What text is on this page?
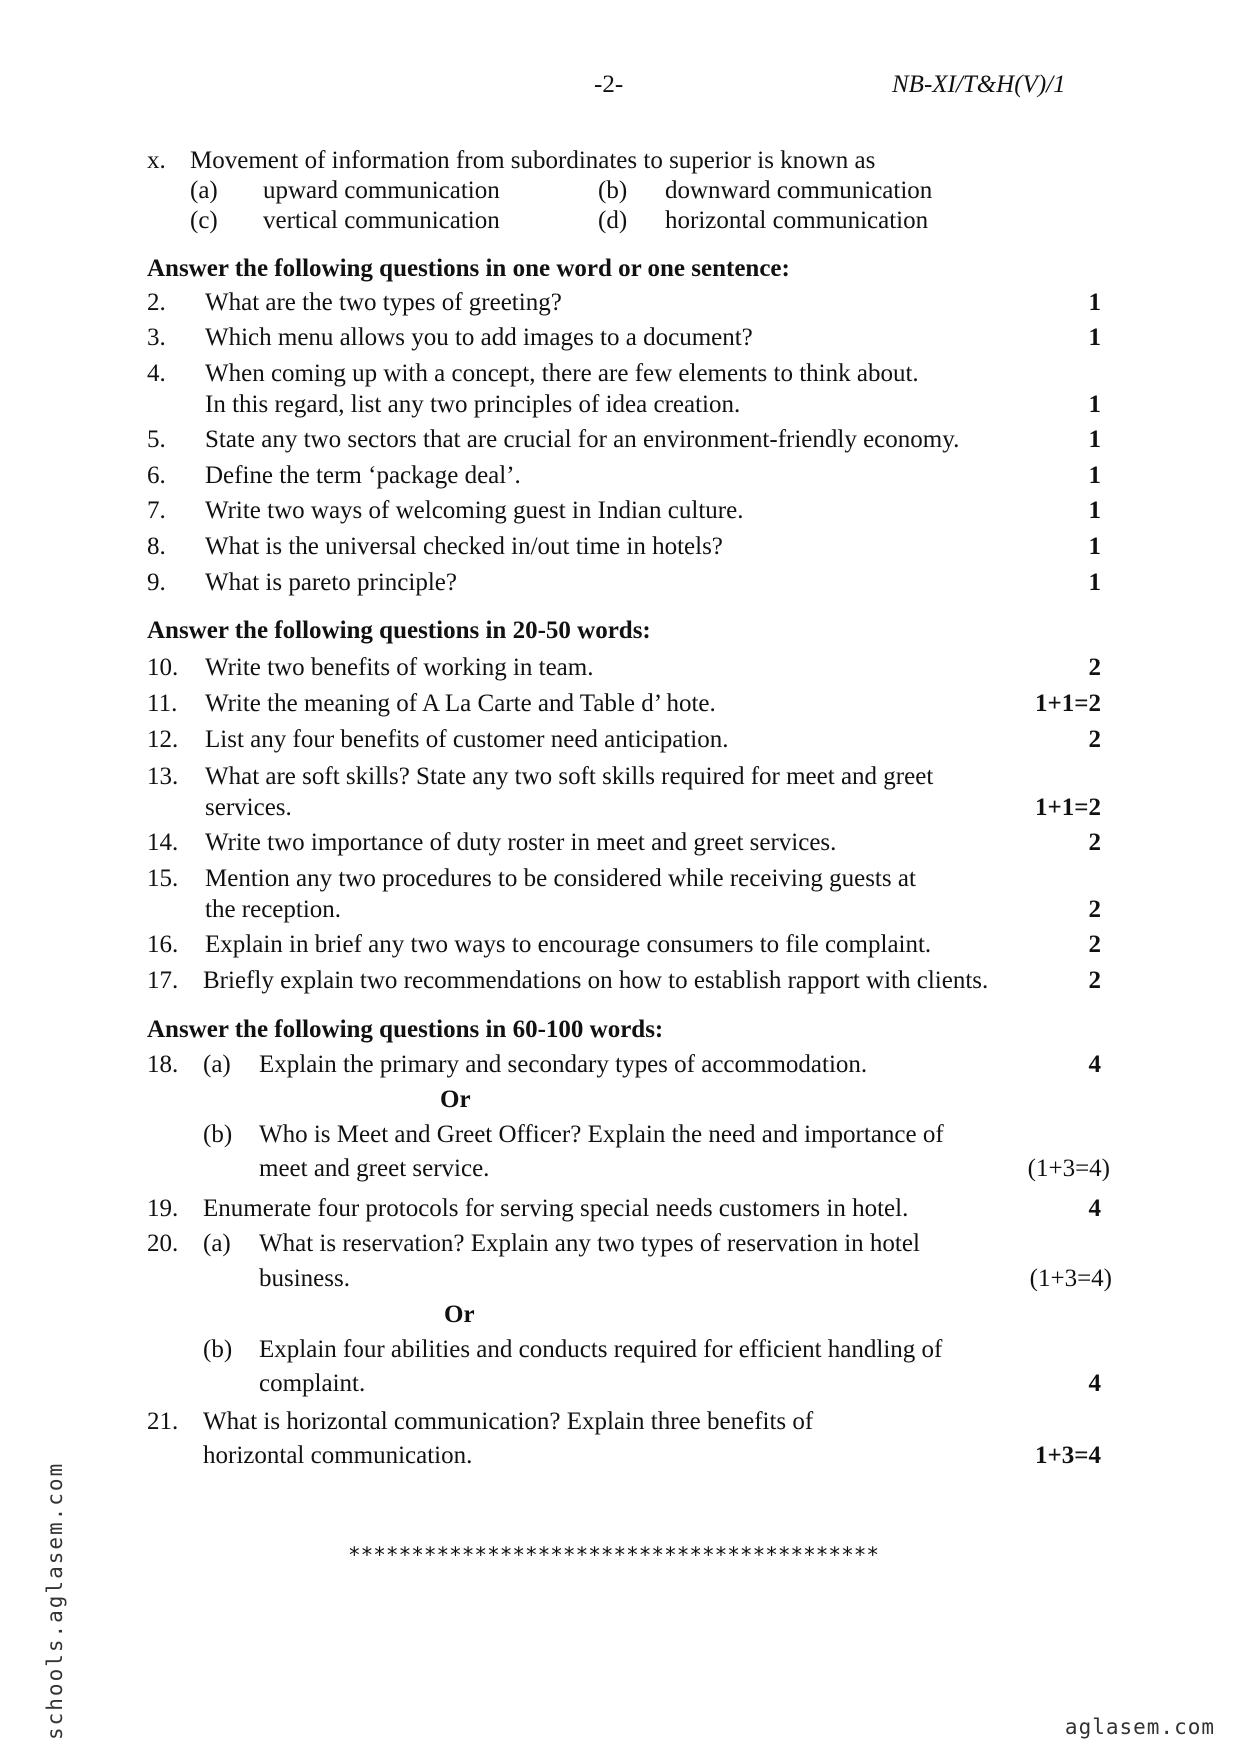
-2-	NB-XI/T&H(V)/1
x. Movement of information from subordinates to superior is known as
(a) upward communication	(b) downward communication
(c) vertical communication	(d) horizontal communication
Answer the following questions in one word or one sentence:
2. What are the two types of greeting?	1
3. Which menu allows you to add images to a document?	1
4. When coming up with a concept, there are few elements to think about.
In this regard, list any two principles of idea creation.	1
5. State any two sectors that are crucial for an environment-friendly economy.	1
6. Define the term ‘package deal’.	1
7. Write two ways of welcoming guest in Indian culture.	1
8. What is the universal checked in/out time in hotels?	1
9. What is pareto principle?	1
Answer the following questions in 20-50 words:
10. Write two benefits of working in team.	2
11. Write the meaning of A La Carte and Table d’ hote.	1+1=2
12. List any four benefits of customer need anticipation.	2
13. What are soft skills? State any two soft skills required for meet and greet
services.	1+1=2
14. Write two importance of duty roster in meet and greet services.	2
15. Mention any two procedures to be considered while receiving guests at
the reception.	2
16. Explain in brief any two ways to encourage consumers to file complaint.	2
17. Briefly explain two recommendations on how to establish rapport with clients.	2
Answer the following questions in 60-100 words:
18. (a) Explain the primary and secondary types of accommodation.	4
Or
(b) Who is Meet and Greet Officer? Explain the need and importance of
meet and greet service.	(1+3=4)
19. Enumerate four protocols for serving special needs customers in hotel.	4
20. (a) What is reservation? Explain any two types of reservation in hotel
business.	(1+3=4)
Or
(b) Explain four abilities and conducts required for efficient handling of
complaint.	4
21. What is horizontal communication? Explain three benefits of
horizontal communication.	1+3=4
******************************************
schools.aglasem.com	aglasem.com
